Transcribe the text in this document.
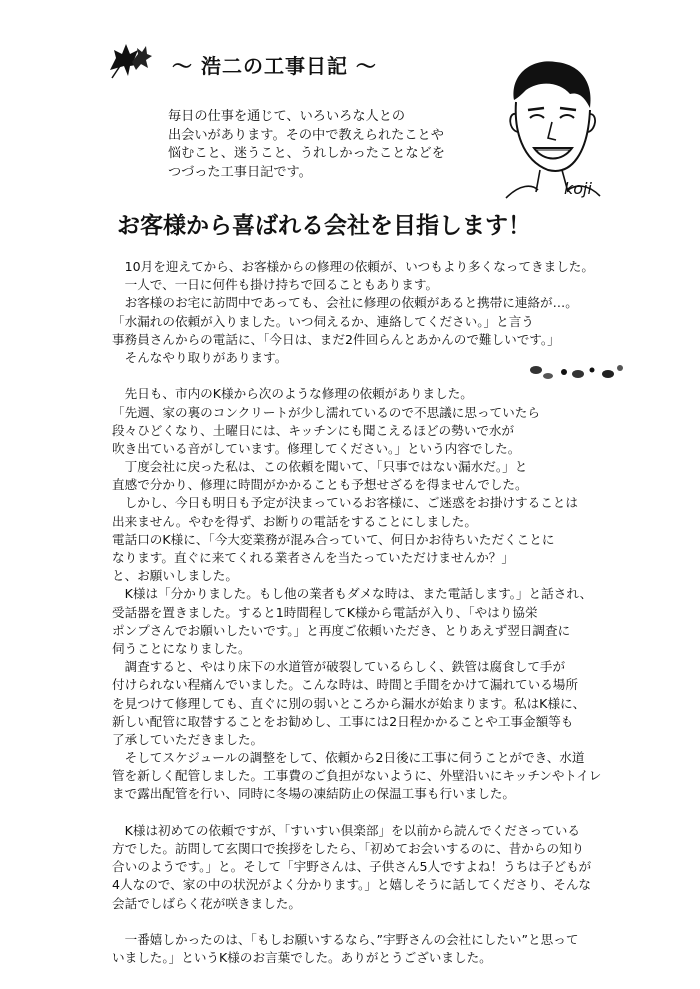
～ 浩二の工事日記 ～
毎日の仕事を通じて、いろいろな人との
出会いがあります。その中で教えられたことや
悩むこと、迷うこと、うれしかったことなどを
つづった工事日記です。
koji
お客様から喜ばれる会社を目指します！
　10月を迎えてから、お客様からの修理の依頼が、いつもより多くなってきました。
　一人で、一日に何件も掛け持ちで回ることもあります。
　お客様のお宅に訪問中であっても、会社に修理の依頼があると携帯に連絡が…。
「水漏れの依頼が入りました。いつ伺えるか、連絡してください。」と言う
事務員さんからの電話に、「今日は、まだ2件回らんとあかんので難しいです。」
　そんなやり取りがあります。
　先日も、市内のK様から次のような修理の依頼がありました。
「先週、家の裏のコンクリートが少し濡れているので不思議に思っていたら
段々ひどくなり、土曜日には、キッチンにも聞こえるほどの勢いで水が
吹き出ている音がしています。修理してください。」という内容でした。
　丁度会社に戻った私は、この依頼を聞いて、「只事ではない漏水だ。」と
直感で分かり、修理に時間がかかることも予想せざるを得ませんでした。
　しかし、今日も明日も予定が決まっているお客様に、ご迷惑をお掛けすることは
出来ません。やむを得ず、お断りの電話をすることにしました。
電話口のK様に、「今大変業務が混み合っていて、何日かお待ちいただくことに
なります。直ぐに来てくれる業者さんを当たっていただけませんか？」
と、お願いしました。
　K様は「分かりました。もし他の業者もダメな時は、また電話します。」と話され、
受話器を置きました。すると1時間程してK様から電話が入り、「やはり協栄
ポンプさんでお願いしたいです。」と再度ご依頼いただき、とりあえず翌日調査に
伺うことになりました。
　調査すると、やはり床下の水道管が破裂しているらしく、鉄管は腐食して手が
付けられない程痛んでいました。こんな時は、時間と手間をかけて漏れている場所
を見つけて修理しても、直ぐに別の弱いところから漏水が始まります。私はK様に、
新しい配管に取替することをお勧めし、工事には2日程かかることや工事金額等も
了承していただきました。
　そしてスケジュールの調整をして、依頼から2日後に工事に伺うことができ、水道
管を新しく配管しました。工事費のご負担がないように、外壁沿いにキッチンやトイレ
まで露出配管を行い、同時に冬場の凍結防止の保温工事も行いました。
　K様は初めての依頼ですが、「すいすい倶楽部」を以前から読んでくださっている
方でした。訪問して玄関口で挨拶をしたら、「初めてお会いするのに、昔からの知り
合いのようです。」と。そして「宇野さんは、子供さん5人ですよね！うちは子どもが
4人なので、家の中の状況がよく分かります。」と嬉しそうに話してくださり、そんな
会話でしばらく花が咲きました。
　一番嬉しかったのは、「もしお願いするなら、”宇野さんの会社にしたい”と思って
いました。」というK様のお言葉でした。ありがとうございました。
